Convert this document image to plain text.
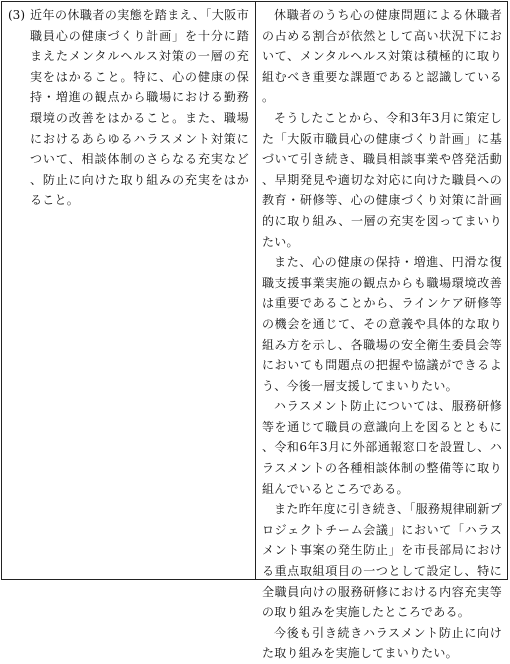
(3) 近年の休職者の実態を踏まえ、「大阪市職員心の健康づくり計画」を十分に踏まえたメンタルヘルス対策の一層の充実をはかること。特に、心の健康の保持・増進の観点から職場における勤務環境の改善をはかること。また、職場におけるあらゆるハラスメント対策について、相談体制のさらなる充実など、防止に向けた取り組みの充実をはかること。

休職者のうち心の健康問題による休職者の占める割合が依然として高い状況下において、メンタルヘルス対策は積極的に取り組むべき重要な課題であると認識している。

そうしたことから、令和3年3月に策定した「大阪市職員心の健康づくり計画」に基づいて引き続き、職員相談事業や啓発活動、早期発見や適切な対応に向けた職員への教育・研修等、心の健康づくり対策に計画的に取り組み、一層の充実を図ってまいりたい。

また、心の健康の保持・増進、円滑な復職支援事業実施の観点からも職場環境改善は重要であることから、ラインケア研修等の機会を通じて、その意義や具体的な取り組み方を示し、各職場の安全衛生委員会等においても問題点の把握や協議ができるよう、今後一層支援してまいりたい。

ハラスメント防止については、服務研修等を通じて職員の意識向上を図るとともに、令和6年3月に外部通報窓口を設置し、ハラスメントの各種相談体制の整備等に取り組んでいるところである。

また昨年度に引き続き、「服務規律刷新プロジェクトチーム会議」において「ハラスメント事案の発生防止」を市長部局における重点取組項目の一つとして設定し、特に全職員向けの服務研修における内容充実等の取り組みを実施したところである。

今後も引き続きハラスメント防止に向けた取り組みを実施してまいりたい。
